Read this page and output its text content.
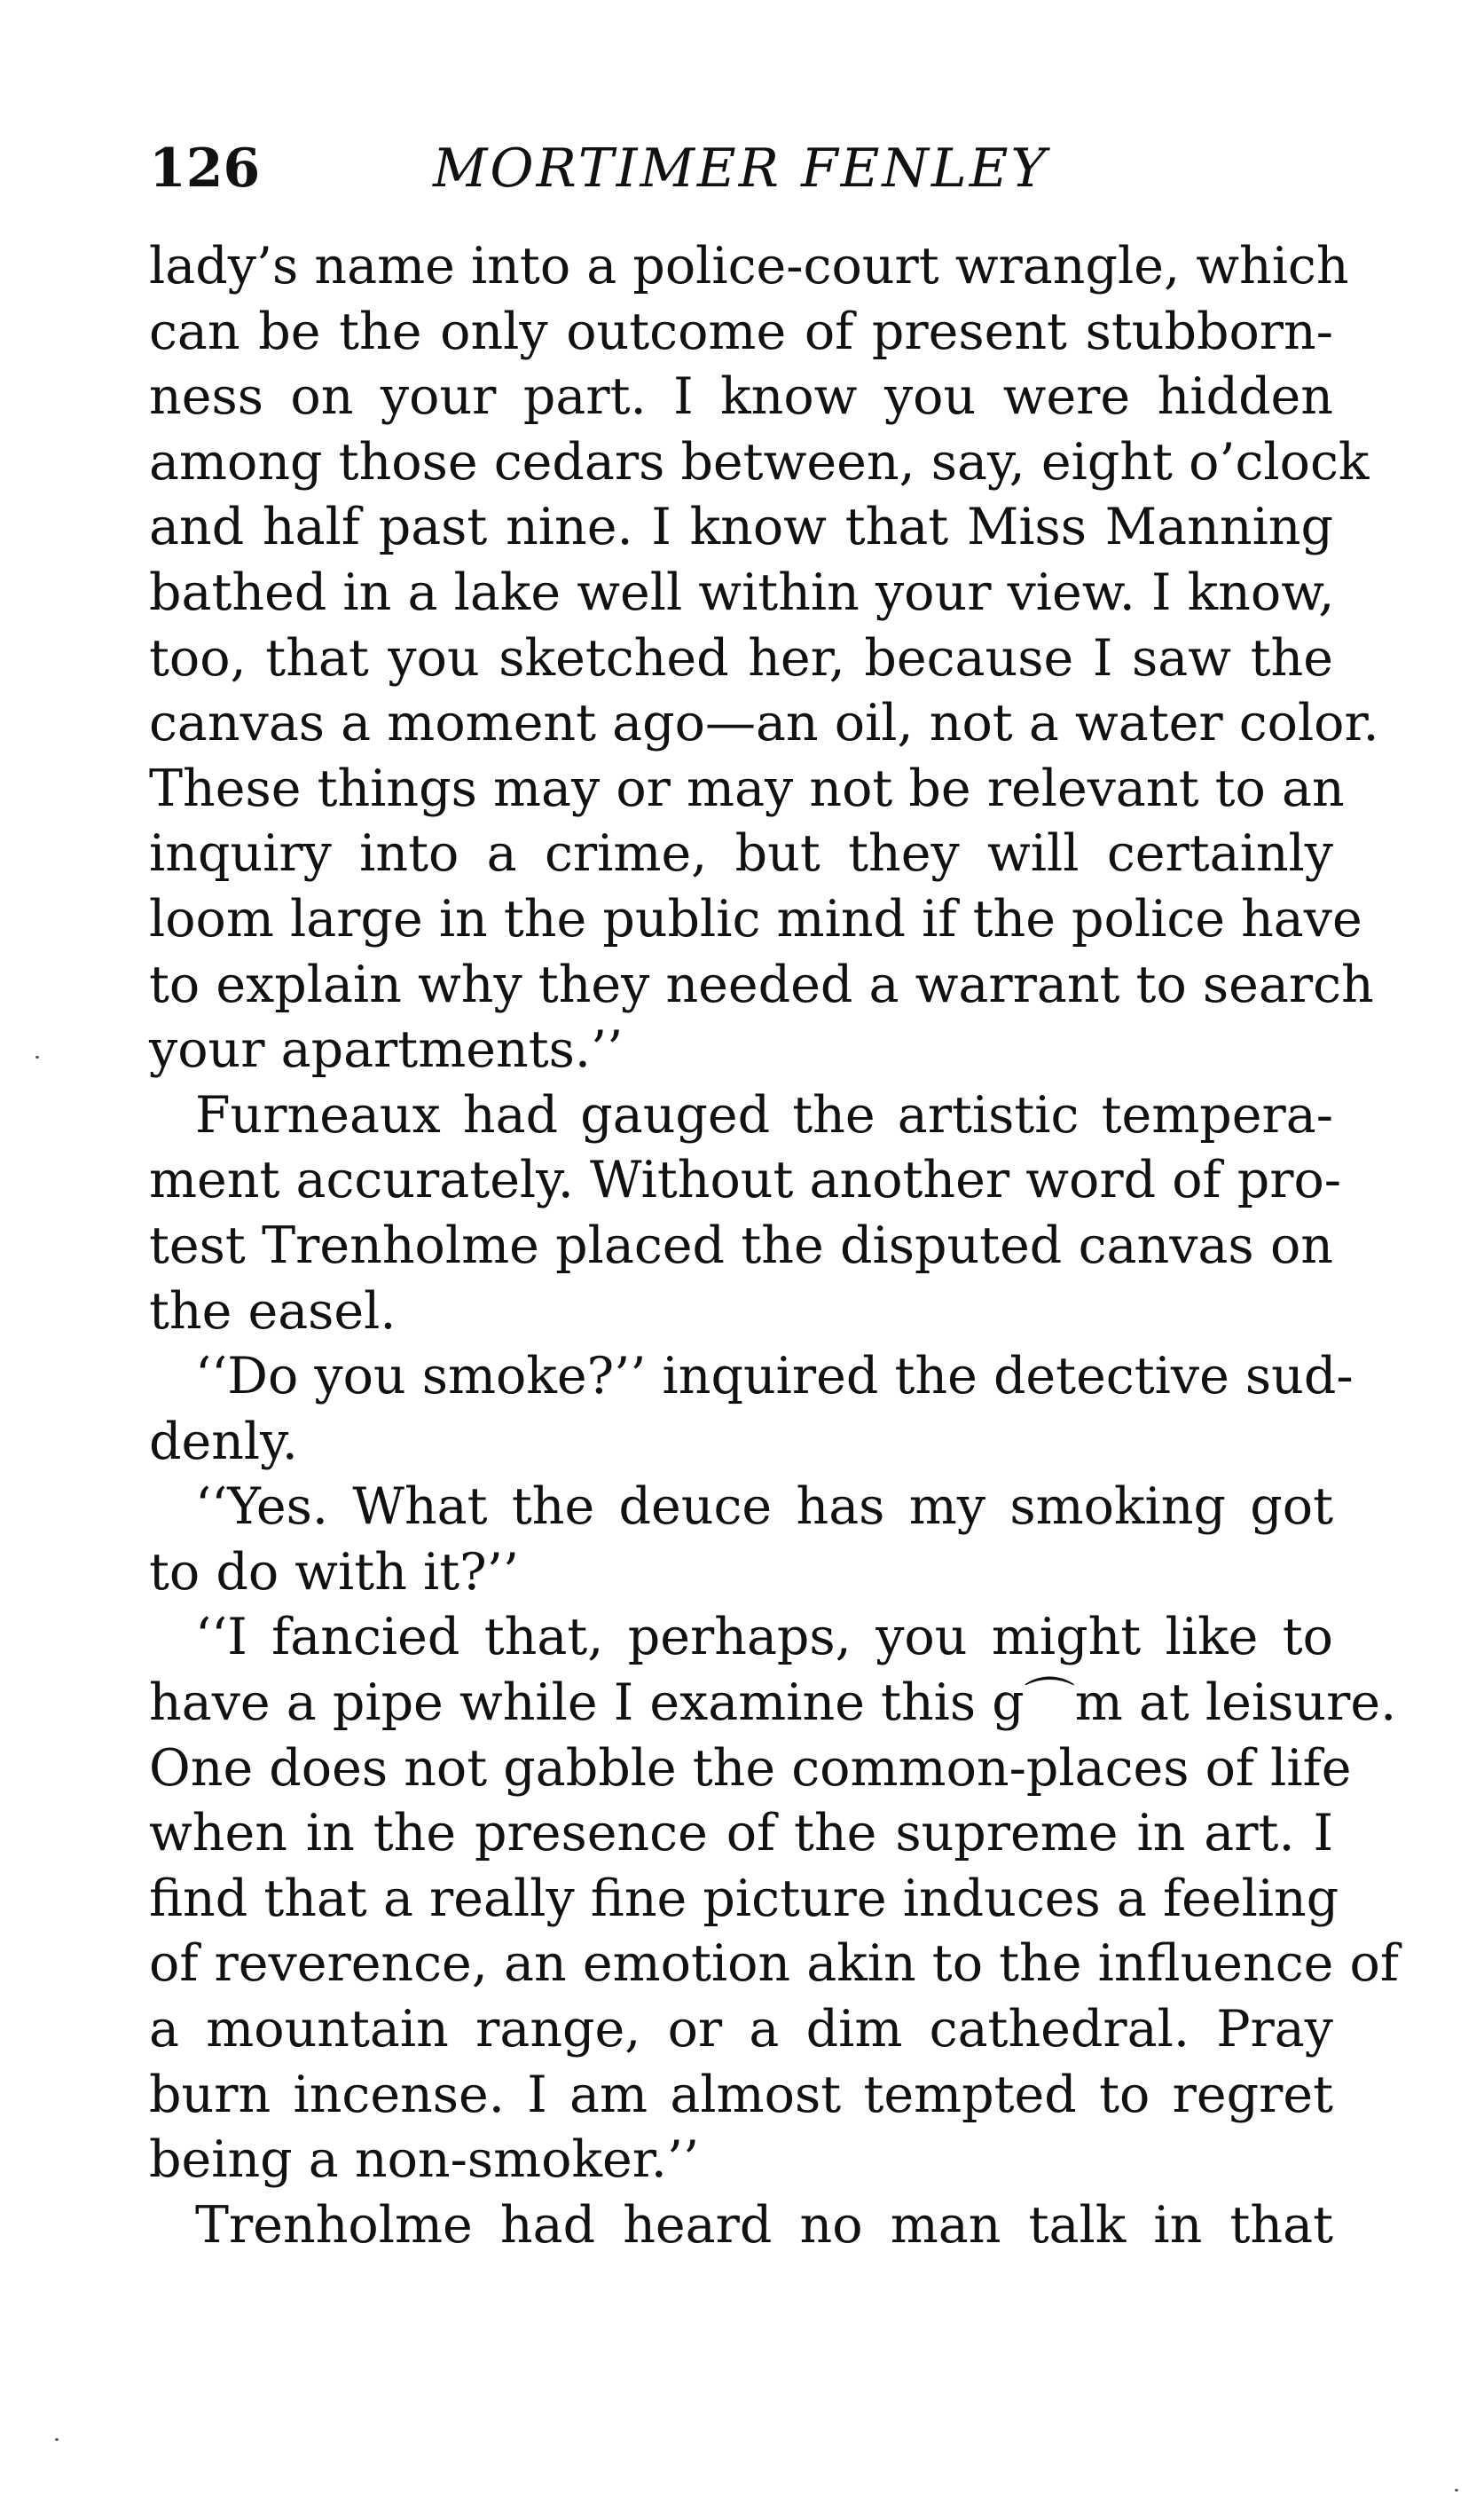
126	MORTIMER FENLEY
lady’s name into a police-court wrangle, which
can be the only outcome of present stubborn-
ness on your part. I know you were hidden
among those cedars between, say, eight o’clock
and half past nine. I know that Miss Manning
bathed in a lake well within your view. I know,
too, that you sketched her, because I saw the
canvas a moment ago—an oil, not a water color.
These things may or may not be relevant to an
inquiry into a crime, but they will certainly
loom large in the public mind if the police have
to explain why they needed a warrant to search
your apartments.’’
Furneaux had gauged the artistic tempera-
ment accurately. Without another word of pro-
test Trenholme placed the disputed canvas on
the easel.
‘‘Do you smoke?’’ inquired the detective sud-
denly.
‘‘Yes. What the deuce has my smoking got
to do with it?’’
‘‘I fancied that, perhaps, you might like to
have a pipe while I examine this g⌒m at leisure.
One does not gabble the common-places of life
when in the presence of the supreme in art. I
find that a really fine picture induces a feeling
of reverence, an emotion akin to the influence of
a mountain range, or a dim cathedral. Pray
burn incense. I am almost tempted to regret
being a non-smoker.’’
Trenholme had heard no man talk in that
